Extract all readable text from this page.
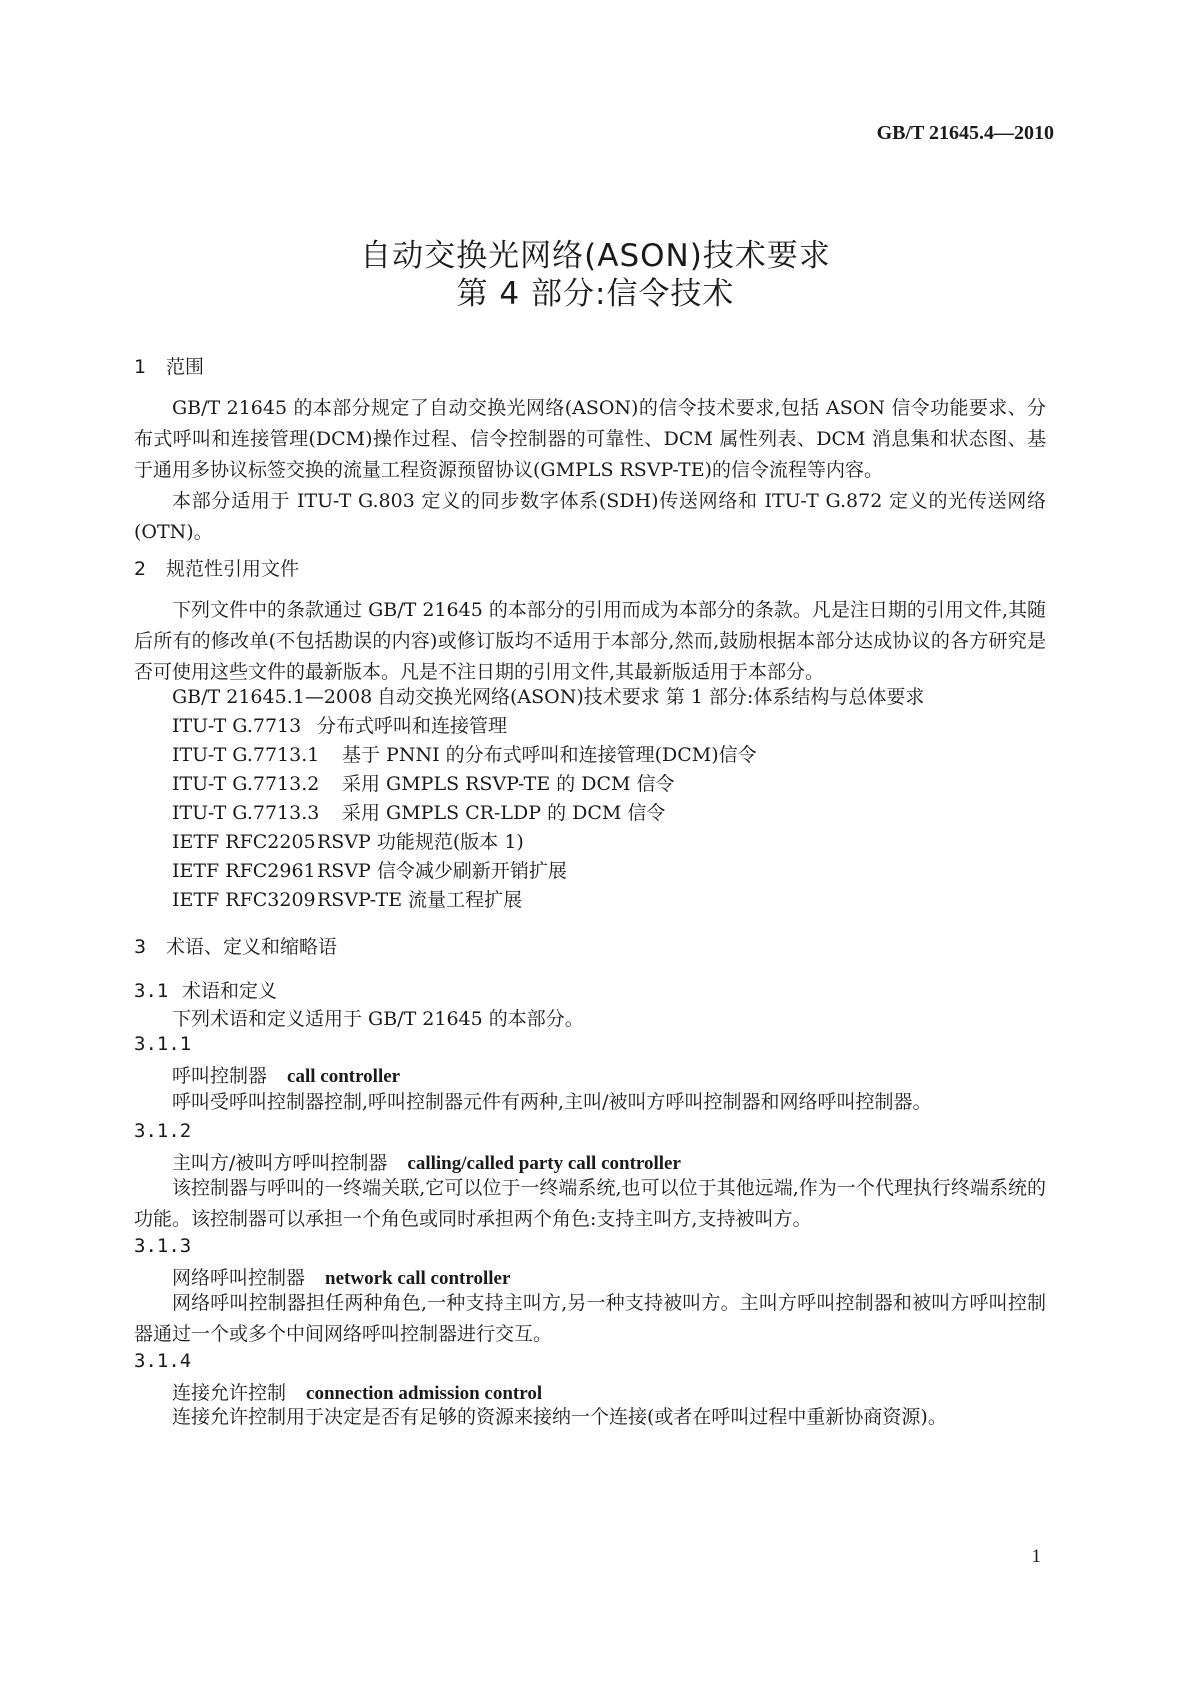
GB/T 21645.4—2010
自动交换光网络(ASON)技术要求
第 4 部分:信令技术
1 范围
GB/T 21645 的本部分规定了自动交换光网络(ASON)的信令技术要求,包括 ASON 信令功能要求、分布式呼叫和连接管理(DCM)操作过程、信令控制器的可靠性、DCM 属性列表、DCM 消息集和状态图、基于通用多协议标签交换的流量工程资源预留协议(GMPLS RSVP-TE)的信令流程等内容。
本部分适用于 ITU-T G.803 定义的同步数字体系(SDH)传送网络和 ITU-T G.872 定义的光传送网络(OTN)。
2 规范性引用文件
下列文件中的条款通过 GB/T 21645 的本部分的引用而成为本部分的条款。凡是注日期的引用文件,其随后所有的修改单(不包括勘误的内容)或修订版均不适用于本部分,然而,鼓励根据本部分达成协议的各方研究是否可使用这些文件的最新版本。凡是不注日期的引用文件,其最新版适用于本部分。
GB/T 21645.1—2008 自动交换光网络(ASON)技术要求 第 1 部分:体系结构与总体要求
ITU-T G.7713 分布式呼叫和连接管理
ITU-T G.7713.1 基于 PNNI 的分布式呼叫和连接管理(DCM)信令
ITU-T G.7713.2 采用 GMPLS RSVP-TE 的 DCM 信令
ITU-T G.7713.3 采用 GMPLS CR-LDP 的 DCM 信令
IETF RFC2205RSVP 功能规范(版本 1)
IETF RFC2961RSVP 信令减少刷新开销扩展
IETF RFC3209RSVP-TE 流量工程扩展
3 术语、定义和缩略语
3.1 术语和定义
下列术语和定义适用于 GB/T 21645 的本部分。
3.1.1
呼叫控制器 call controller
呼叫受呼叫控制器控制,呼叫控制器元件有两种,主叫/被叫方呼叫控制器和网络呼叫控制器。
3.1.2
主叫方/被叫方呼叫控制器 calling/called party call controller
该控制器与呼叫的一终端关联,它可以位于一终端系统,也可以位于其他远端,作为一个代理执行终端系统的功能。该控制器可以承担一个角色或同时承担两个角色:支持主叫方,支持被叫方。
3.1.3
网络呼叫控制器 network call controller
网络呼叫控制器担任两种角色,一种支持主叫方,另一种支持被叫方。主叫方呼叫控制器和被叫方呼叫控制器通过一个或多个中间网络呼叫控制器进行交互。
3.1.4
连接允许控制 connection admission control
连接允许控制用于决定是否有足够的资源来接纳一个连接(或者在呼叫过程中重新协商资源)。
1
